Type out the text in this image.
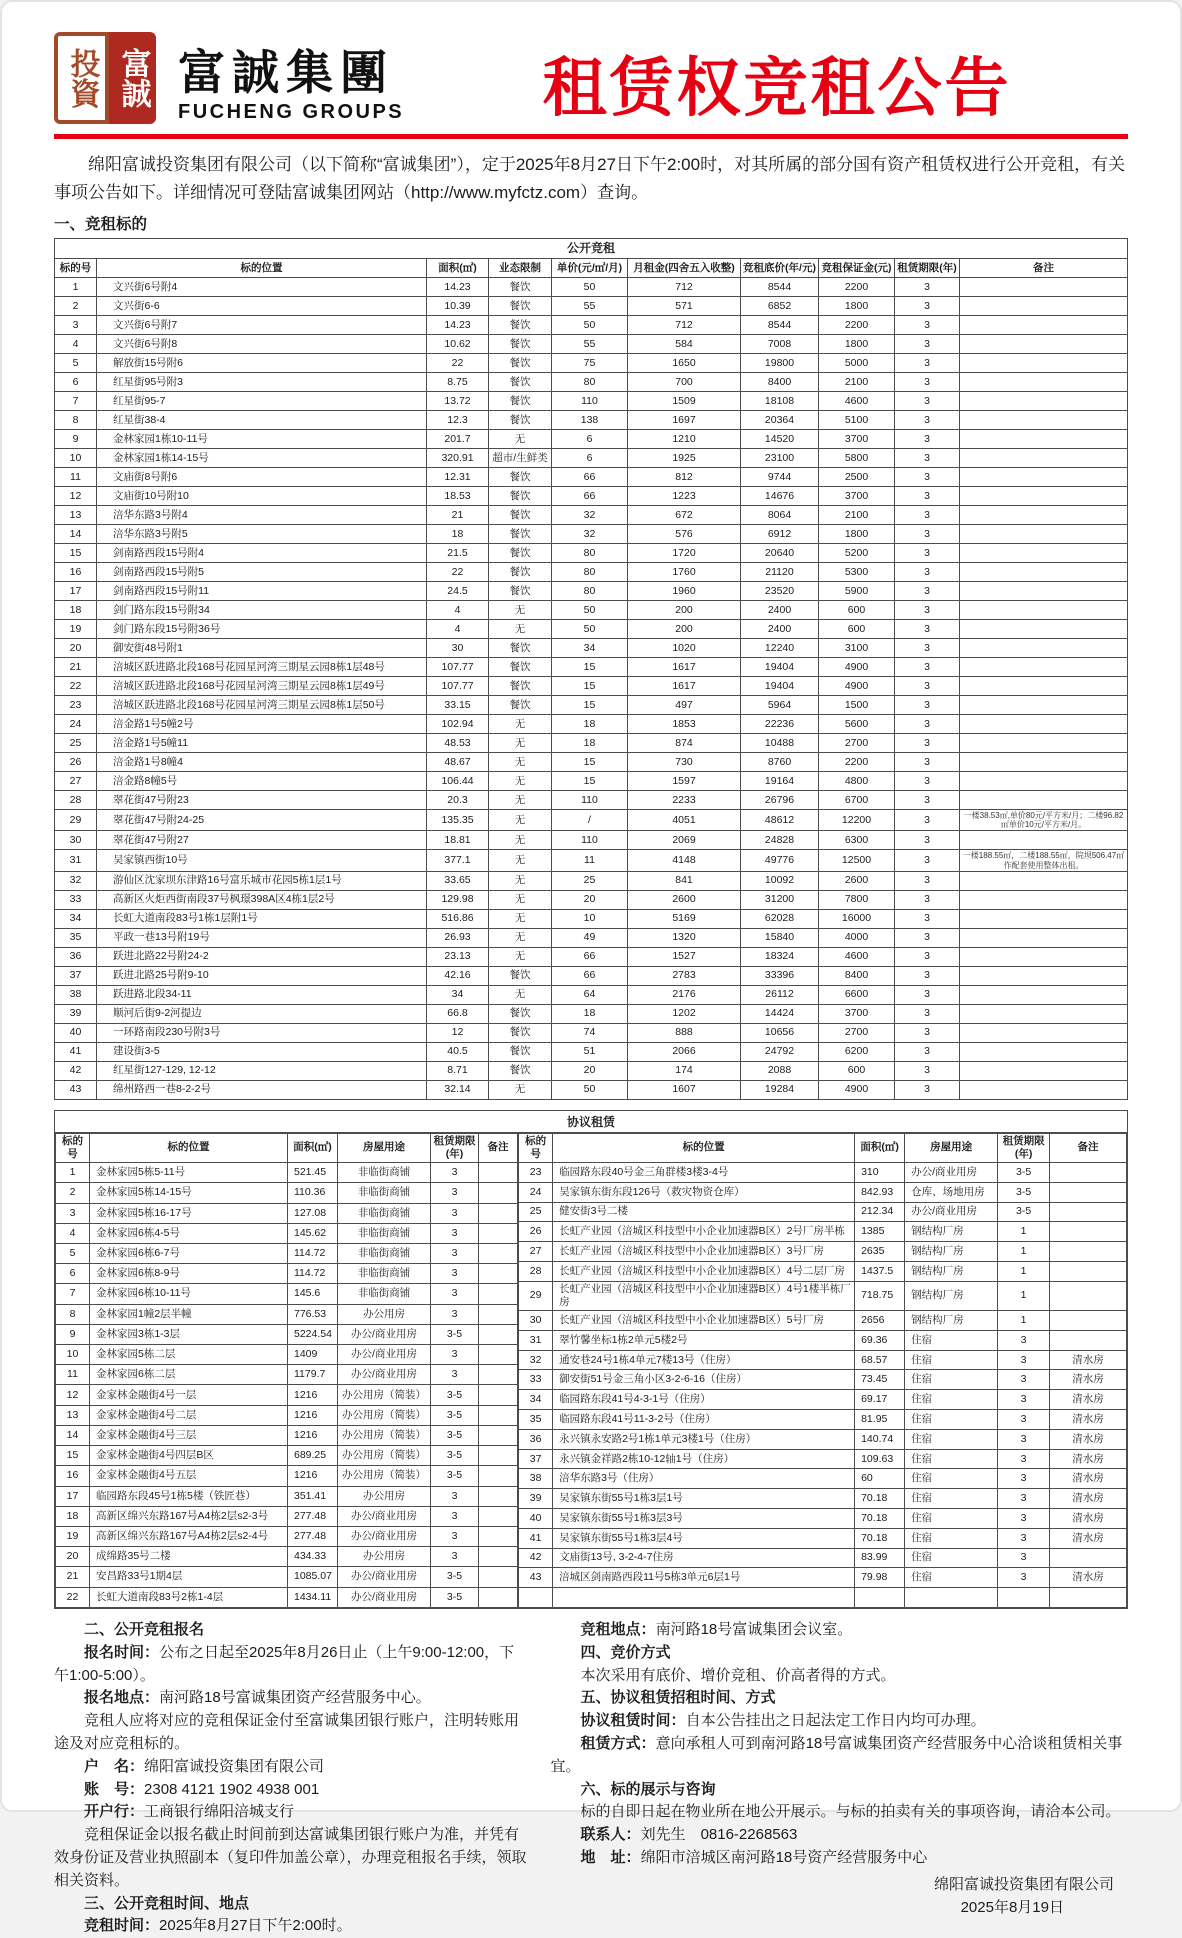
投資 富誠 富誠集團
FUCHENG GROUPS	租赁权竞租公告

绵阳富诚投资集团有限公司（以下简称“富诚集团”），定于2025年8月27日下午2:00时，对其所属的部分国有资产租赁权进行公开竞租，有关事项公告如下。详细情况可登陆富诚集团网站（http://www.myfctz.com）查询。

一、竞租标的
公开竞租									
标的号	标的位置	面积(㎡)	业态限制	单价(元/㎡/月)	月租金(四舍五入收整)	竞租底价(年/元)	竞租保证金(元)	租赁期限(年)	备注
1	文兴街6号附4	14.23	餐饮	50	712	8544	2200	3	
2	文兴街6-6	10.39	餐饮	55	571	6852	1800	3	
3	文兴街6号附7	14.23	餐饮	50	712	8544	2200	3	
4	文兴街6号附8	10.62	餐饮	55	584	7008	1800	3	
5	解放街15号附6	22	餐饮	75	1650	19800	5000	3	
6	红星街95号附3	8.75	餐饮	80	700	8400	2100	3	
7	红星街95-7	13.72	餐饮	110	1509	18108	4600	3	
8	红星街38-4	12.3	餐饮	138	1697	20364	5100	3	
9	金林家园1栋10-11号	201.7	无	6	1210	14520	3700	3	
10	金林家园1栋14-15号	320.91	超市/生鲜类	6	1925	23100	5800	3	
11	文庙街8号附6	12.31	餐饮	66	812	9744	2500	3	
12	文庙街10号附10	18.53	餐饮	66	1223	14676	3700	3	
13	涪华东路3号附4	21	餐饮	32	672	8064	2100	3	
14	涪华东路3号附5	18	餐饮	32	576	6912	1800	3	
15	剑南路西段15号附4	21.5	餐饮	80	1720	20640	5200	3	
16	剑南路西段15号附5	22	餐饮	80	1760	21120	5300	3	
17	剑南路西段15号附11	24.5	餐饮	80	1960	23520	5900	3	
18	剑门路东段15号附34	4	无	50	200	2400	600	3	
19	剑门路东段15号附36号	4	无	50	200	2400	600	3	
20	御安街48号附1	30	餐饮	34	1020	12240	3100	3	
21	涪城区跃进路北段168号花园星河湾三期星云园8栋1层48号	107.77	餐饮	15	1617	19404	4900	3	
22	涪城区跃进路北段168号花园星河湾三期星云园8栋1层49号	107.77	餐饮	15	1617	19404	4900	3	
23	涪城区跃进路北段168号花园星河湾三期星云园8栋1层50号	33.15	餐饮	15	497	5964	1500	3	
24	涪金路1号5幢2号	102.94	无	18	1853	22236	5600	3	
25	涪金路1号5幢11	48.53	无	18	874	10488	2700	3	
26	涪金路1号8幢4	48.67	无	15	730	8760	2200	3	
27	涪金路8幢5号	106.44	无	15	1597	19164	4800	3	
28	翠花街47号附23	20.3	无	110	2233	26796	6700	3	
29	翠花街47号附24-25	135.35	无	/	4051	48612	12200	3	一楼38.53㎡,单价80元/平方米/月；二楼96.82㎡单价10元/平方米/月。
30	翠花街47号附27	18.81	无	110	2069	24828	6300	3	
31	吴家镇西街10号	377.1	无	11	4148	49776	12500	3	一楼188.55㎡，二楼188.55㎡，院坝506.47㎡作配套使用整体出租。
32	游仙区沈家坝东津路16号富乐城市花园5栋1层1号	33.65	无	25	841	10092	2600	3	
33	高新区火炬西街南段37号枫璟398A区4栋1层2号	129.98	无	20	2600	31200	7800	3	
34	长虹大道南段83号1栋1层附1号	516.86	无	10	5169	62028	16000	3	
35	平政一巷13号附19号	26.93	无	49	1320	15840	4000	3	
36	跃进北路22号附24-2	23.13	无	66	1527	18324	4600	3	
37	跃进北路25号附9-10	42.16	餐饮	66	2783	33396	8400	3	
38	跃进路北段34-11	34	无	64	2176	26112	6600	3	
39	顺河后街9-2河提边	66.8	餐饮	18	1202	14424	3700	3	
40	一环路南段230号附3号	12	餐饮	74	888	10656	2700	3	
41	建设街3-5	40.5	餐饮	51	2066	24792	6200	3	
42	红星街127-129, 12-12	8.71	餐饮	20	174	2088	600	3	
43	绵州路西一巷8-2-2号	32.14	无	50	1607	19284	4900	3	
协议租赁
标的号	标的位置	面积(㎡)	房屋用途	租赁期限(年)	备注
1	金林家园5栋5-11号	521.45	非临街商铺	3	
2	金林家园5栋14-15号	110.36	非临街商铺	3	
3	金林家园5栋16-17号	127.08	非临街商铺	3	
4	金林家园6栋4-5号	145.62	非临街商铺	3	
5	金林家园6栋6-7号	114.72	非临街商铺	3	
6	金林家园6栋8-9号	114.72	非临街商铺	3	
7	金林家园6栋10-11号	145.6	非临街商铺	3	
8	金林家园1幢2层半幢	776.53	办公用房	3	
9	金林家园3栋1-3层	5224.54	办公/商业用房	3-5	
10	金林家园5栋二层	1409	办公/商业用房	3	
11	金林家园6栋二层	1179.7	办公/商业用房	3	
12	金家林金融街4号一层	1216	办公用房（简装）	3-5	
13	金家林金融街4号二层	1216	办公用房（简装）	3-5	
14	金家林金融街4号三层	1216	办公用房（简装）	3-5	
15	金家林金融街4号四层B区	689.25	办公用房（简装）	3-5	
16	金家林金融街4号五层	1216	办公用房（简装）	3-5	
17	临园路东段45号1栋5楼（铁匠巷）	351.41	办公用房	3	
18	高新区绵兴东路167号A4栋2层s2-3号	277.48	办公/商业用房	3	
19	高新区绵兴东路167号A4栋2层s2-4号	277.48	办公/商业用房	3	
20	成绵路35号二楼	434.33	办公用房	3	
21	安昌路33号1期4层	1085.07	办公/商业用房	3-5	
22	长虹大道南段83号2栋1-4层	1434.11	办公/商业用房	3-5	
标的号	标的位置	面积(㎡)	房屋用途	租赁期限(年)	备注
23	临园路东段40号金三角群楼3楼3-4号	310	办公/商业用房	3-5	
24	吴家镇东街东段126号（救灾物资仓库）	842.93	仓库、场地用房	3-5	
25	健安街3号二楼	212.34	办公/商业用房	3-5	
26	长虹产业园（涪城区科技型中小企业加速器B区）2号厂房半栋	1385	钢结构厂房	1	
27	长虹产业园（涪城区科技型中小企业加速器B区）3号厂房	2635	钢结构厂房	1	
28	长虹产业园（涪城区科技型中小企业加速器B区）4号二层厂房	1437.5	钢结构厂房	1	
29	长虹产业园（涪城区科技型中小企业加速器B区）4号1楼半栋厂房	718.75	钢结构厂房	1	
30	长虹产业园（涪城区科技型中小企业加速器B区）5号厂房	2656	钢结构厂房	1	
31	翠竹馨坐标1栋2单元5楼2号	69.36	住宿	3	
32	通安巷24号1栋4单元7楼13号（住房）	68.57	住宿	3	清水房
33	御安街51号金三角小区3-2-6-16（住房）	73.45	住宿	3	清水房
34	临园路东段41号4-3-1号（住房）	69.17	住宿	3	清水房
35	临园路东段41号11-3-2号（住房）	81.95	住宿	3	清水房
36	永兴镇永安路2号1栋1单元3楼1号（住房）	140.74	住宿	3	清水房
37	永兴镇金祥路2栋10-12轴1号（住房）	109.63	住宿	3	清水房
38	涪华东路3号（住房）	60	住宿	3	清水房
39	吴家镇东街55号1栋3层1号	70.18	住宿	3	清水房
40	吴家镇东街55号1栋3层3号	70.18	住宿	3	清水房
41	吴家镇东街55号1栋3层4号	70.18	住宿	3	清水房
42	文庙街13号, 3-2-4-7住房	83.99	住宿	3	
43	涪城区剑南路西段11号5栋3单元6层1号	79.98	住宿	3	清水房

二、公开竞租报名

报名时间：公布之日起至2025年8月26日止（上午9:00-12:00，下午1:00-5:00）。

报名地点：南河路18号富诚集团资产经营服务中心。

竞租人应将对应的竞租保证金付至富诚集团银行账户，注明转账用途及对应竞租标的。

户　名：绵阳富诚投资集团有限公司

账　号：2308 4121 1902 4938 001

开户行：工商银行绵阳涪城支行

竞租保证金以报名截止时间前到达富诚集团银行账户为准，并凭有效身份证及营业执照副本（复印件加盖公章），办理竞租报名手续，领取相关资料。

三、公开竞租时间、地点

竞租时间：2025年8月27日下午2:00时。

竞租地点：南河路18号富诚集团会议室。

四、竞价方式

本次采用有底价、增价竞租、价高者得的方式。

五、协议租赁招租时间、方式

协议租赁时间：自本公告挂出之日起法定工作日内均可办理。

租赁方式：意向承租人可到南河路18号富诚集团资产经营服务中心洽谈租赁相关事宜。

六、标的展示与咨询

标的自即日起在物业所在地公开展示。与标的拍卖有关的事项咨询，请洽本公司。

联系人：刘先生　0816-2268563

地　址：绵阳市涪城区南河路18号资产经营服务中心

绵阳富诚投资集团有限公司

2025年8月19日
